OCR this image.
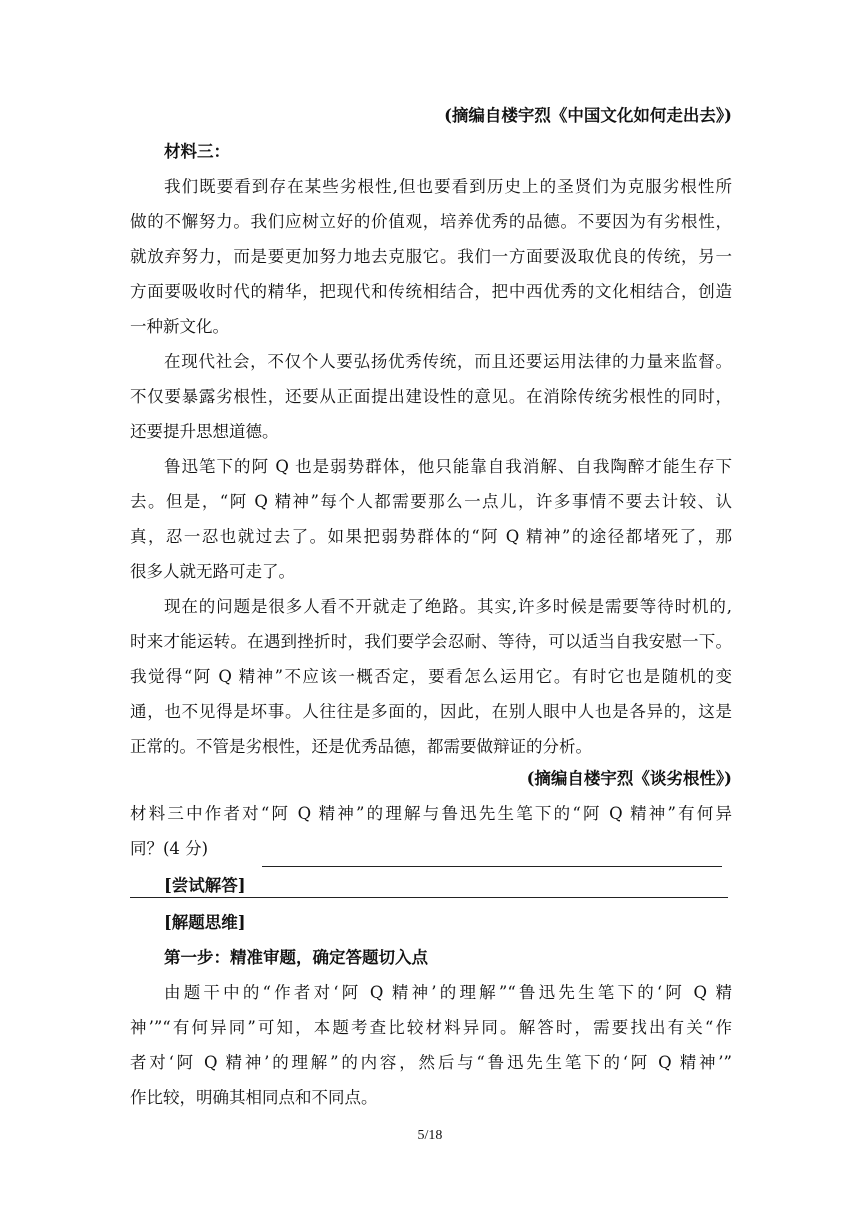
(摘编自楼宇烈《中国文化如何走出去》)
材料三：
我们既要看到存在某些劣根性,但也要看到历史上的圣贤们为克服劣根性所
做的不懈努力。我们应树立好的价值观，培养优秀的品德。不要因为有劣根性，
就放弃努力，而是要更加努力地去克服它。我们一方面要汲取优良的传统，另一
方面要吸收时代的精华，把现代和传统相结合，把中西优秀的文化相结合，创造
一种新文化。
在现代社会，不仅个人要弘扬优秀传统，而且还要运用法律的力量来监督。
不仅要暴露劣根性，还要从正面提出建设性的意见。在消除传统劣根性的同时，
还要提升思想道德。
鲁迅笔下的阿 Q 也是弱势群体，他只能靠自我消解、自我陶醉才能生存下
去。但是，“阿 Q 精神”每个人都需要那么一点儿，许多事情不要去计较、认
真，忍一忍也就过去了。如果把弱势群体的“阿 Q 精神”的途径都堵死了，那
很多人就无路可走了。
现在的问题是很多人看不开就走了绝路。其实,许多时候是需要等待时机的,
时来才能运转。在遇到挫折时，我们要学会忍耐、等待，可以适当自我安慰一下。
我觉得“阿 Q 精神”不应该一概否定，要看怎么运用它。有时它也是随机的变
通，也不见得是坏事。人往往是多面的，因此，在别人眼中人也是各异的，这是
正常的。不管是劣根性，还是优秀品德，都需要做辩证的分析。
(摘编自楼宇烈《谈劣根性》)
材料三中作者对“阿 Q 精神”的理解与鲁迅先生笔下的“阿 Q 精神”有何异
同？(4 分)
[尝试解答]
[解题思维]
第一步：精准审题，确定答题切入点
由题干中的“作者对‘阿 Q 精神’的理解”“鲁迅先生笔下的‘阿 Q 精
神’”“有何异同”可知，本题考查比较材料异同。解答时，需要找出有关“作
者对‘阿 Q 精神’的理解”的内容，然后与“鲁迅先生笔下的‘阿 Q 精神’”
作比较，明确其相同点和不同点。
5/18
